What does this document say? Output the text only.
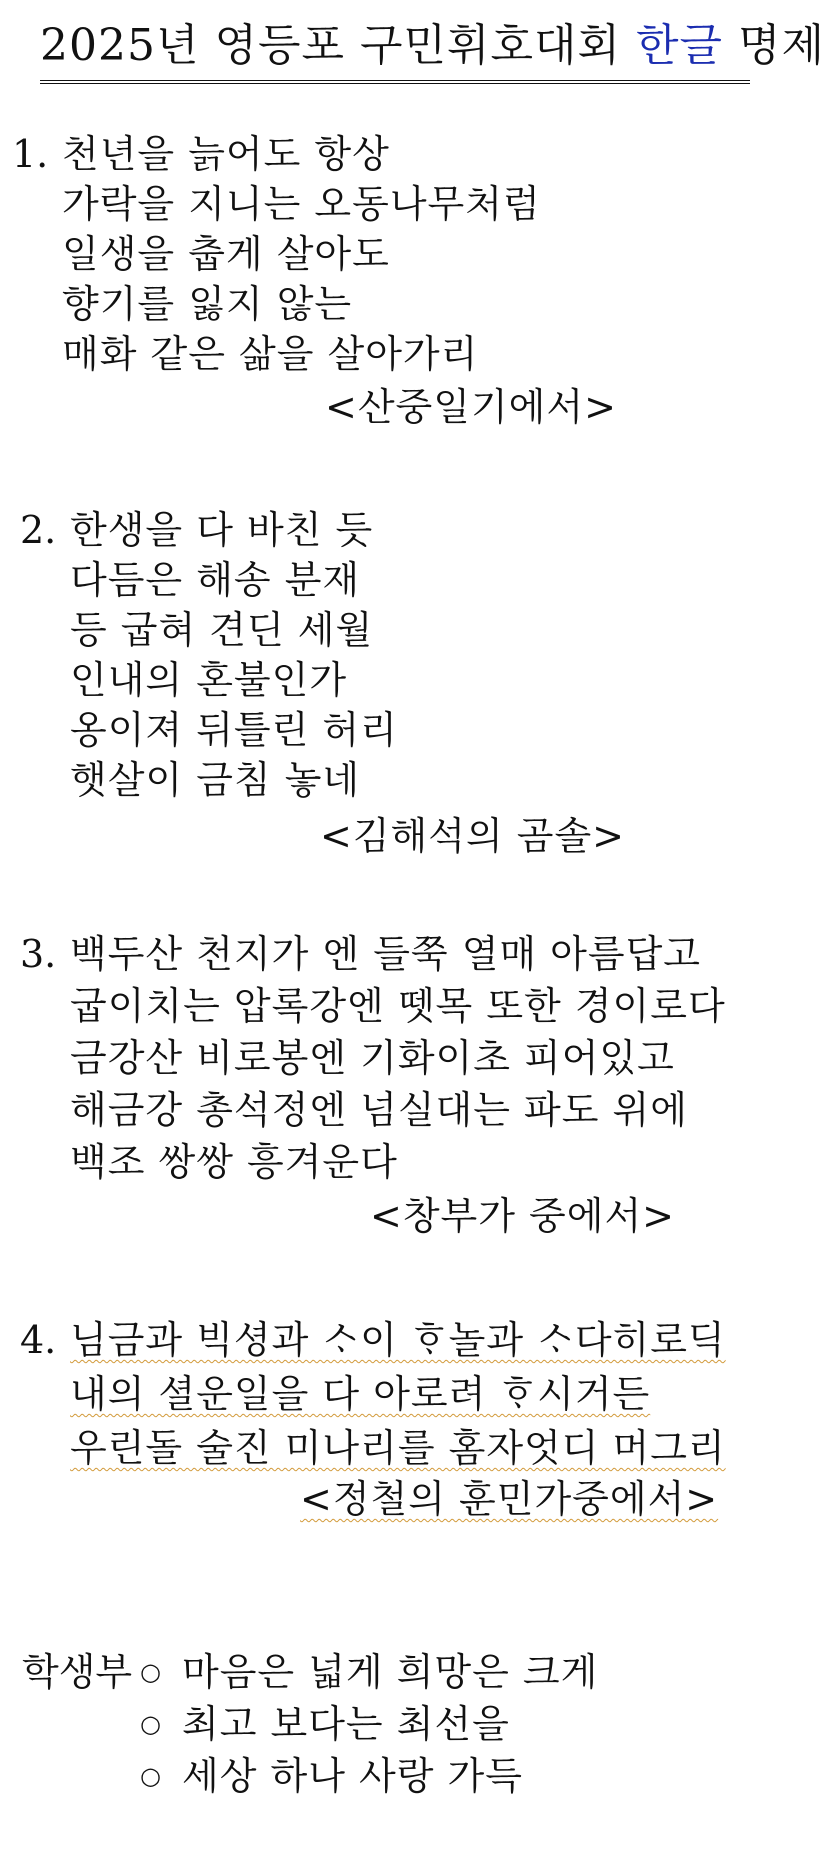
2025년 영등포 구민휘호대회 한글 명제
1. 천년을 늙어도 항상
가락을 지니는 오동나무처럼
일생을 춥게 살아도
향기를 잃지 않는
매화 같은 삶을 살아가리
<산중일기에서>
2. 한생을 다 바친 듯
다듬은 해송 분재
등 굽혀 견딘 세월
인내의 혼불인가
옹이져 뒤틀린 허리
햇살이 금침 놓네
<김해석의 곰솔>
3. 백두산 천지가 엔 들쭉 열매 아름답고
굽이치는 압록강엔 뗏목 또한 경이로다
금강산 비로봉엔 기화이초 피어있고
해금강 총석정엔 넘실대는 파도 위에
백조 쌍쌍 흥겨운다
<창부가 중에서>
4. 님금과 빅셩과 ᄉᆞ이 ᄒᆞ놀과 ᄉᆞ다히로딕
내의 셜운일을 다 아로려 ᄒᆞ시거든
우린돌 술진 미나리를 홈자엇디 머그리
<정철의 훈민가중에서>
학생부 ○ 마음은 넓게 희망은 크게
○ 최고 보다는 최선을
○ 세상 하나 사랑 가득
